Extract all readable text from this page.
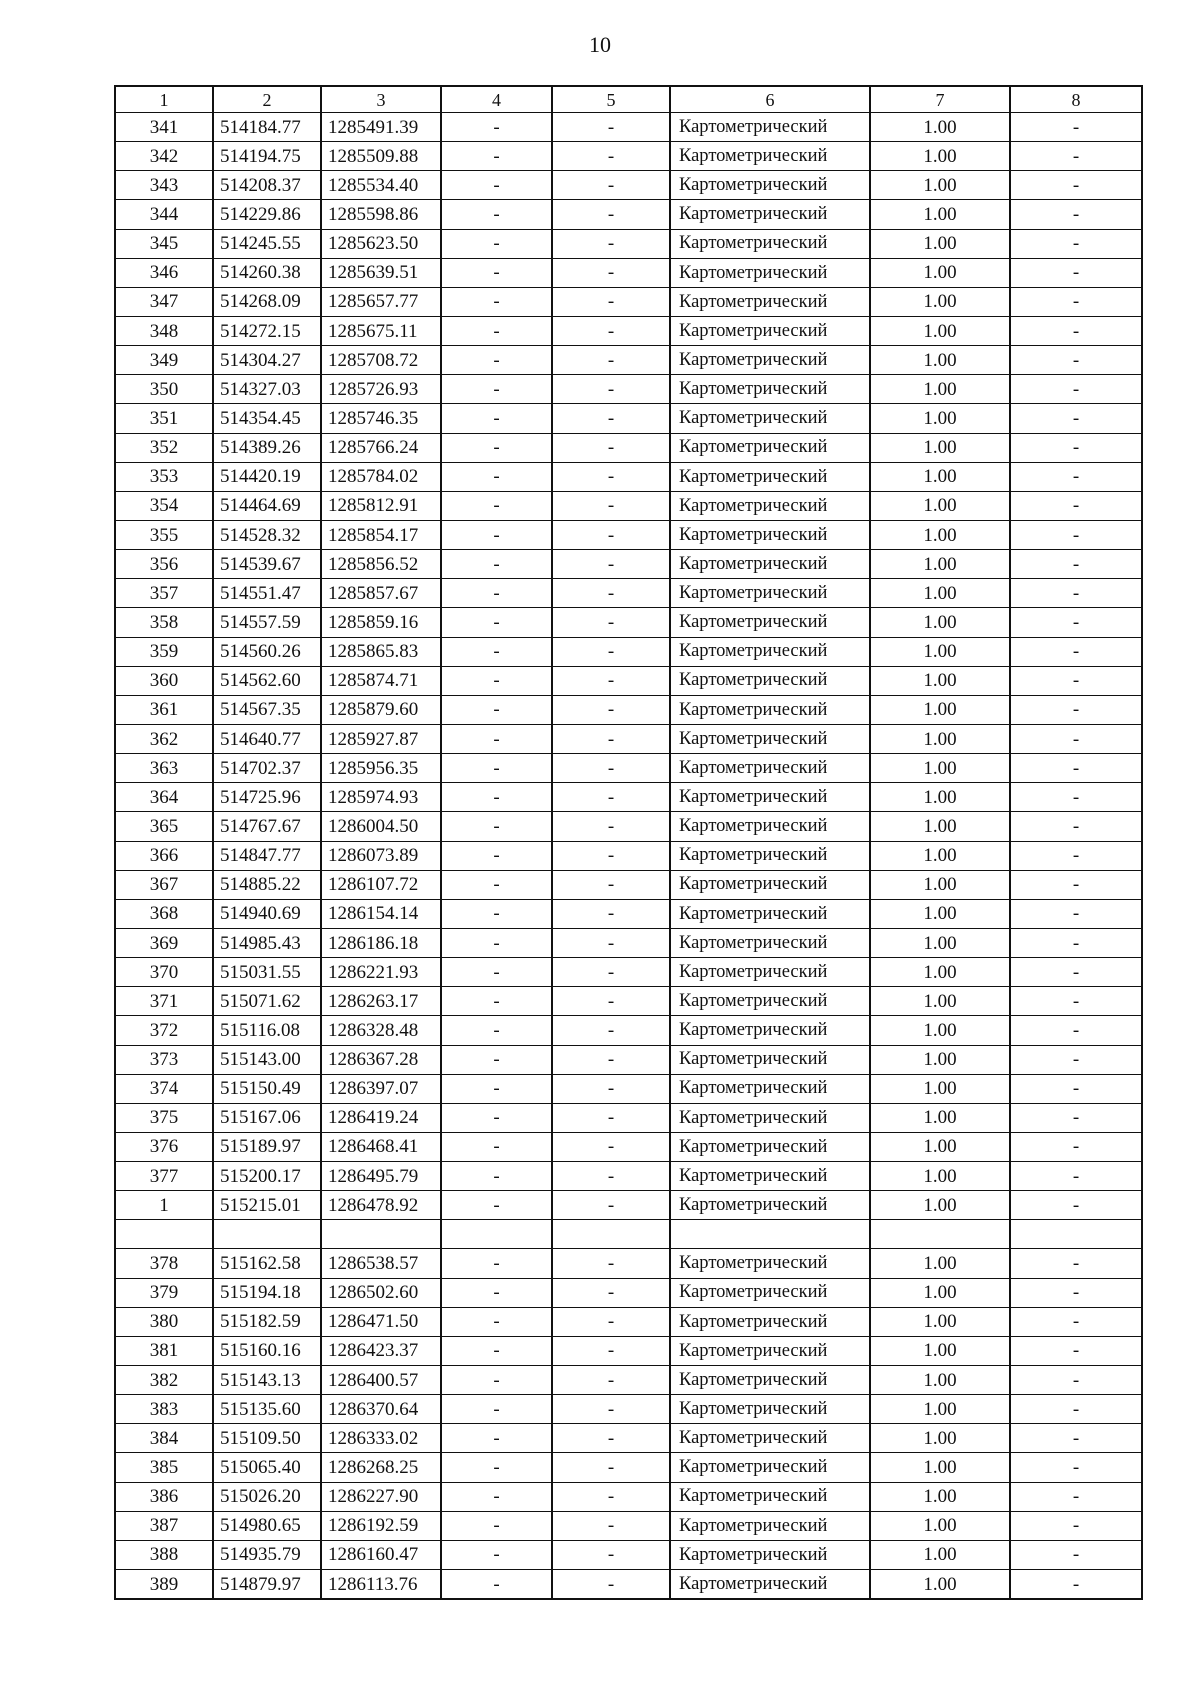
10
1	2	3	4	5	6	7	8
341	514184.77	1285491.39	-	-	Картометрический	1.00	-
342	514194.75	1285509.88	-	-	Картометрический	1.00	-
343	514208.37	1285534.40	-	-	Картометрический	1.00	-
344	514229.86	1285598.86	-	-	Картометрический	1.00	-
345	514245.55	1285623.50	-	-	Картометрический	1.00	-
346	514260.38	1285639.51	-	-	Картометрический	1.00	-
347	514268.09	1285657.77	-	-	Картометрический	1.00	-
348	514272.15	1285675.11	-	-	Картометрический	1.00	-
349	514304.27	1285708.72	-	-	Картометрический	1.00	-
350	514327.03	1285726.93	-	-	Картометрический	1.00	-
351	514354.45	1285746.35	-	-	Картометрический	1.00	-
352	514389.26	1285766.24	-	-	Картометрический	1.00	-
353	514420.19	1285784.02	-	-	Картометрический	1.00	-
354	514464.69	1285812.91	-	-	Картометрический	1.00	-
355	514528.32	1285854.17	-	-	Картометрический	1.00	-
356	514539.67	1285856.52	-	-	Картометрический	1.00	-
357	514551.47	1285857.67	-	-	Картометрический	1.00	-
358	514557.59	1285859.16	-	-	Картометрический	1.00	-
359	514560.26	1285865.83	-	-	Картометрический	1.00	-
360	514562.60	1285874.71	-	-	Картометрический	1.00	-
361	514567.35	1285879.60	-	-	Картометрический	1.00	-
362	514640.77	1285927.87	-	-	Картометрический	1.00	-
363	514702.37	1285956.35	-	-	Картометрический	1.00	-
364	514725.96	1285974.93	-	-	Картометрический	1.00	-
365	514767.67	1286004.50	-	-	Картометрический	1.00	-
366	514847.77	1286073.89	-	-	Картометрический	1.00	-
367	514885.22	1286107.72	-	-	Картометрический	1.00	-
368	514940.69	1286154.14	-	-	Картометрический	1.00	-
369	514985.43	1286186.18	-	-	Картометрический	1.00	-
370	515031.55	1286221.93	-	-	Картометрический	1.00	-
371	515071.62	1286263.17	-	-	Картометрический	1.00	-
372	515116.08	1286328.48	-	-	Картометрический	1.00	-
373	515143.00	1286367.28	-	-	Картометрический	1.00	-
374	515150.49	1286397.07	-	-	Картометрический	1.00	-
375	515167.06	1286419.24	-	-	Картометрический	1.00	-
376	515189.97	1286468.41	-	-	Картометрический	1.00	-
377	515200.17	1286495.79	-	-	Картометрический	1.00	-
1	515215.01	1286478.92	-	-	Картометрический	1.00	-

378	515162.58	1286538.57	-	-	Картометрический	1.00	-
379	515194.18	1286502.60	-	-	Картометрический	1.00	-
380	515182.59	1286471.50	-	-	Картометрический	1.00	-
381	515160.16	1286423.37	-	-	Картометрический	1.00	-
382	515143.13	1286400.57	-	-	Картометрический	1.00	-
383	515135.60	1286370.64	-	-	Картометрический	1.00	-
384	515109.50	1286333.02	-	-	Картометрический	1.00	-
385	515065.40	1286268.25	-	-	Картометрический	1.00	-
386	515026.20	1286227.90	-	-	Картометрический	1.00	-
387	514980.65	1286192.59	-	-	Картометрический	1.00	-
388	514935.79	1286160.47	-	-	Картометрический	1.00	-
389	514879.97	1286113.76	-	-	Картометрический	1.00	-
